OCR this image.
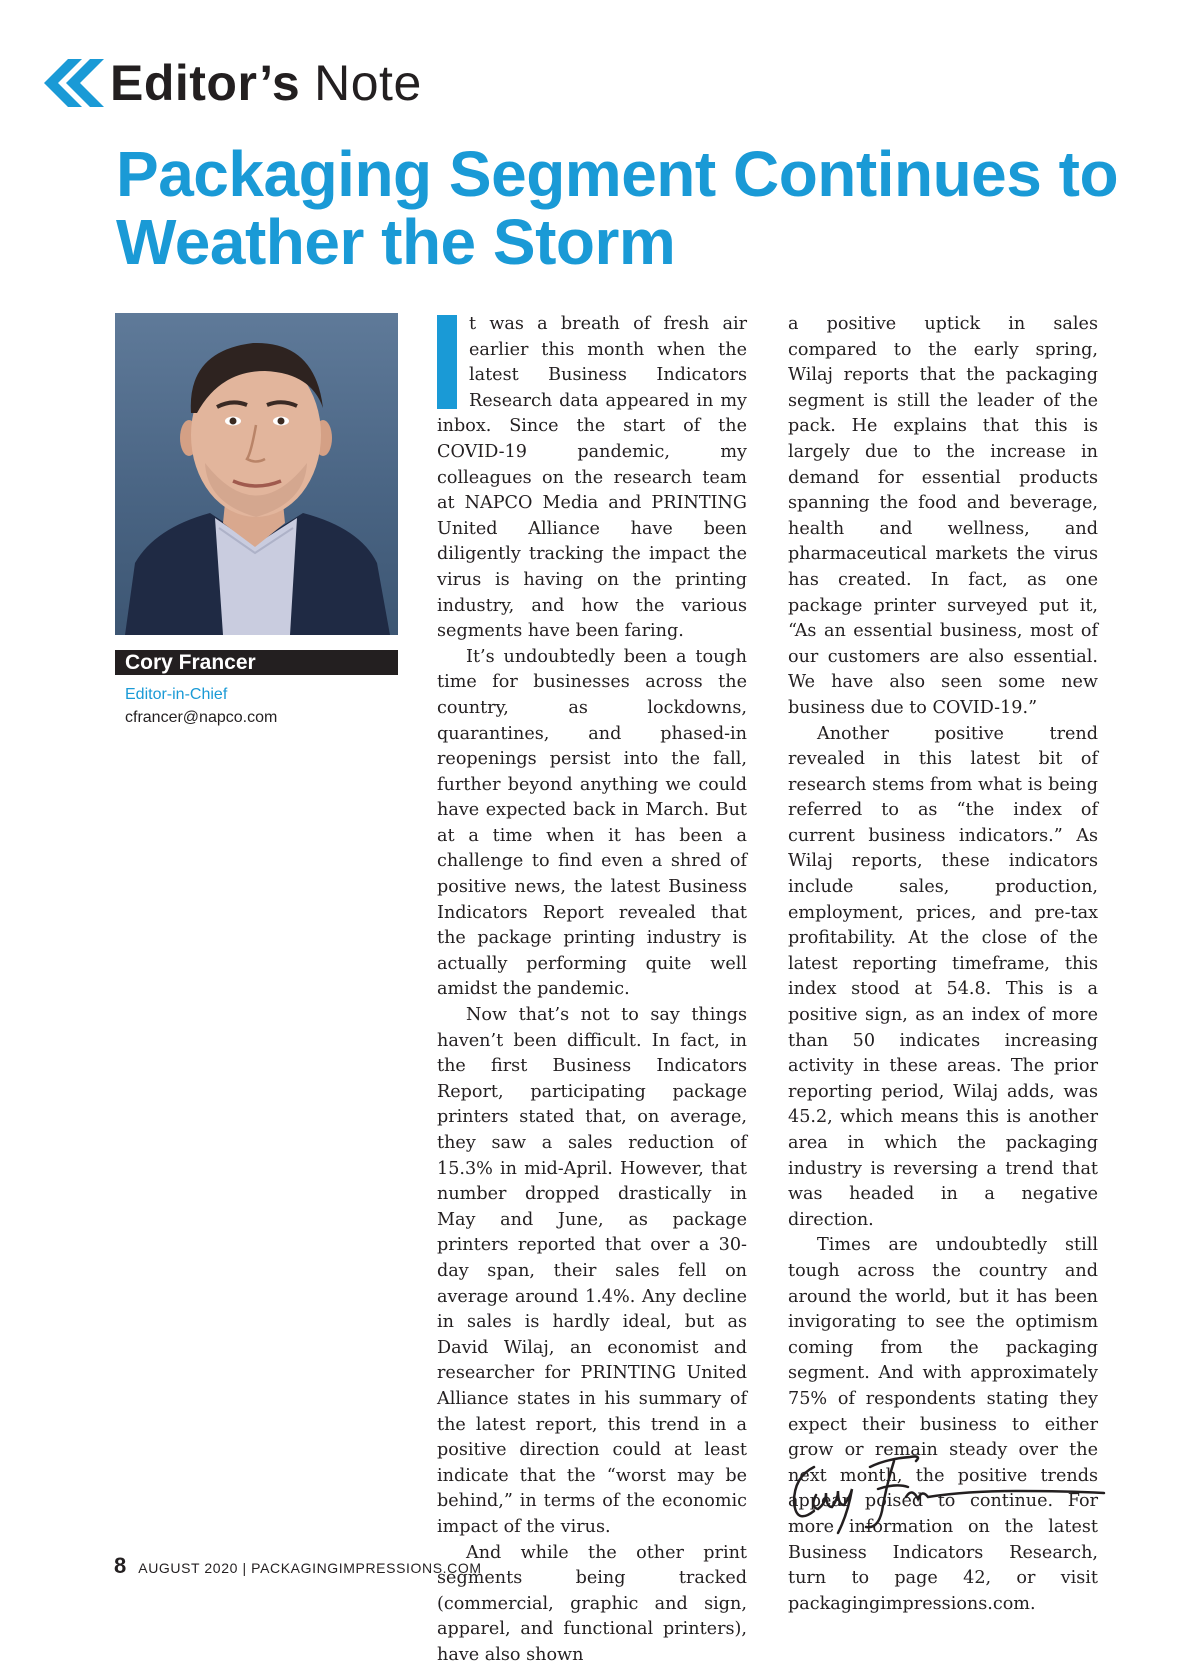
Editor’s Note
Packaging Segment Continues to Weather the Storm
Cory Francer
Editor-in-Chief
cfrancer@napco.com

t was a breath of fresh air earlier this month when the latest Business Indicators Research data appeared in my inbox. Since the start of the COVID-19 pandemic, my colleagues on the research team at NAPCO Media and PRINTING United Alliance have been diligently tracking the impact the virus is having on the printing industry, and how the various segments have been faring.

It’s undoubtedly been a tough time for businesses across the country, as lockdowns, quarantines, and phased-in reopenings persist into the fall, further beyond anything we could have expected back in March. But at a time when it has been a challenge to find even a shred of positive news, the latest Business Indicators Report revealed that the package printing industry is actually performing quite well amidst the pandemic.

Now that’s not to say things haven’t been difficult. In fact, in the first Business Indicators Report, participating package printers stated that, on average, they saw a sales reduction of 15.3% in mid-April. However, that number dropped drastically in May and June, as package printers reported that over a 30-day span, their sales fell on average around 1.4%. Any decline in sales is hardly ideal, but as David Wilaj, an economist and researcher for PRINTING United Alliance states in his summary of the latest report, this trend in a positive direction could at least indicate that the “worst may be behind,” in terms of the economic impact of the virus.

And while the other print segments being tracked (commercial, graphic and sign, apparel, and functional printers), have also shown

a positive uptick in sales compared to the early spring, Wilaj reports that the packaging segment is still the leader of the pack. He explains that this is largely due to the increase in demand for essential products spanning the food and beverage, health and wellness, and pharmaceutical markets the virus has created. In fact, as one package printer surveyed put it, “As an essential business, most of our customers are also essential. We have also seen some new business due to COVID-19.”

Another positive trend revealed in this latest bit of research stems from what is being referred to as “the index of current business indicators.” As Wilaj reports, these indicators include sales, production, employment, prices, and pre-tax profitability. At the close of the latest reporting timeframe, this index stood at 54.8. This is a positive sign, as an index of more than 50 indicates increasing activity in these areas. The prior reporting period, Wilaj adds, was 45.2, which means this is another area in which the packaging industry is reversing a trend that was headed in a negative direction.

Times are undoubtedly still tough across the country and around the world, but it has been invigorating to see the optimism coming from the packaging segment. And with approximately 75% of respondents stating they expect their business to either grow or remain steady over the next month, the positive trends appear poised to continue. For more information on the latest Business Indicators Research, turn to page 42, or visit packagingimpressions.com.

8 AUGUST 2020 | PACKAGINGIMPRESSIONS.COM
